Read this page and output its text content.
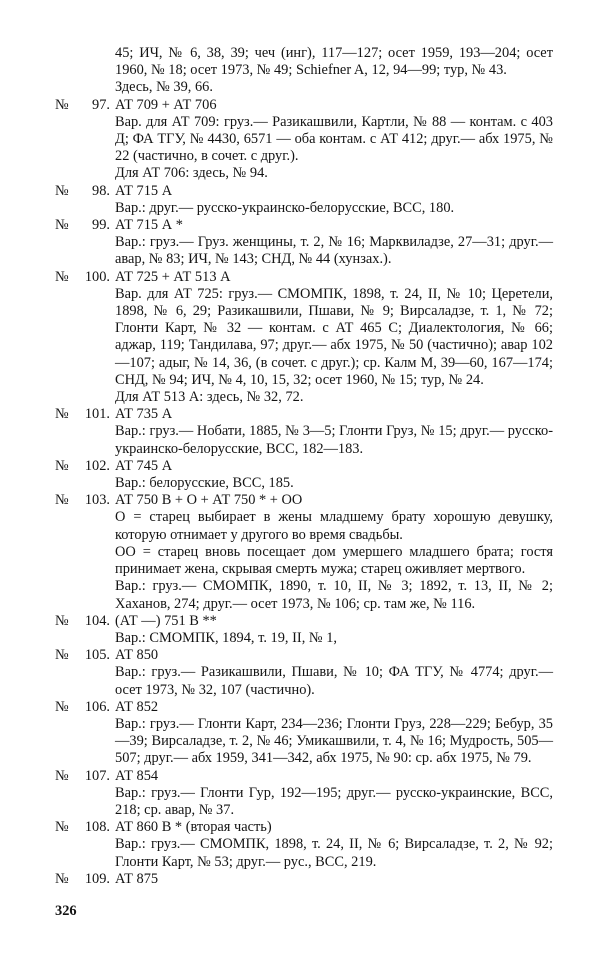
45; ИЧ, № 6, 38, 39; чеч (инг), 117—127; осет 1959, 193—204; осет 1960, № 18; осет 1973, № 49; Schiefner A, 12, 94—99; тур, № 43.
Здесь, № 39, 66.
№ 97. АТ 709 + АТ 706
Вар. для АТ 709: груз.— Разикашвили, Картли, № 88 — контам. с 403 Д; ФА ТГУ, № 4430, 6571 — оба контам. с АТ 412; друг.— абх 1975, № 22 (частично, в сочет. с друг.).
Для АТ 706: здесь, № 94.
№ 98. АТ 715 А
Вар.: друг.— русско-украинско-белорусские, ВСС, 180.
№ 99. АТ 715 А *
Вар.: груз.— Груз. женщины, т. 2, № 16; Марквиладзе, 27—31; друг.— авар, № 83; ИЧ, № 143; СНД, № 44 (хунзах.).
№ 100. АТ 725 + АТ 513 А
Вар. для АТ 725: груз.— СМОМПК, 1898, т. 24, II, № 10; Церетели, 1898, № 6, 29; Разикашвили, Пшави, № 9; Вирсаладзе, т. 1, № 72; Глонти Карт, № 32 — контам. с АТ 465 С; Диалектология, № 66; аджар, 119; Тандилава, 97; друг.— абх 1975, № 50 (частично); авар 102—107; адыг, № 14, 36, (в сочет. с друг.); ср. Калм М, 39—60, 167—174; СНД, № 94; ИЧ, № 4, 10, 15, 32; осет 1960, № 15; тур, № 24.
Для АТ 513 А: здесь, № 32, 72.
№ 101. АТ 735 А
Вар.: груз.— Нобати, 1885, № 3—5; Глонти Груз, № 15; друг.— русско-украинско-белорусские, ВСС, 182—183.
№ 102. АТ 745 А
Вар.: белорусские, ВСС, 185.
№ 103. АТ 750 В + О + АТ 750 * + ОО
О = старец выбирает в жены младшему брату хорошую девушку, которую отнимает у другого во время свадьбы.
ОО = старец вновь посещает дом умершего младшего брата; гостя принимает жена, скрывая смерть мужа; старец оживляет мертвого.
Вар.: груз.— СМОМПК, 1890, т. 10, II, № 3; 1892, т. 13, II, № 2; Хаханов, 274; друг.— осет 1973, № 106; ср. там же, № 116.
№ 104. (АТ —) 751 В **
Вар.: СМОМПК, 1894, т. 19, II, № 1,
№ 105. АТ 850
Вар.: груз.— Разикашвили, Пшави, № 10; ФА ТГУ, № 4774; друг.— осет 1973, № 32, 107 (частично).
№ 106. АТ 852
Вар.: груз.— Глонти Карт, 234—236; Глонти Груз, 228—229; Бебур, 35—39; Вирсаладзе, т. 2, № 46; Умикашвили, т. 4, № 16; Мудрость, 505—507; друг.— абх 1959, 341—342, абх 1975, № 90: ср. абх 1975, № 79.
№ 107. АТ 854
Вар.: груз.— Глонти Гур, 192—195; друг.— русско-украинские, ВСС, 218; ср. авар, № 37.
№ 108. АТ 860 В * (вторая часть)
Вар.: груз.— СМОМПК, 1898, т. 24, II, № 6; Вирсаладзе, т. 2, № 92; Глонти Карт, № 53; друг.— рус., ВСС, 219.
№ 109. АТ 875
326
